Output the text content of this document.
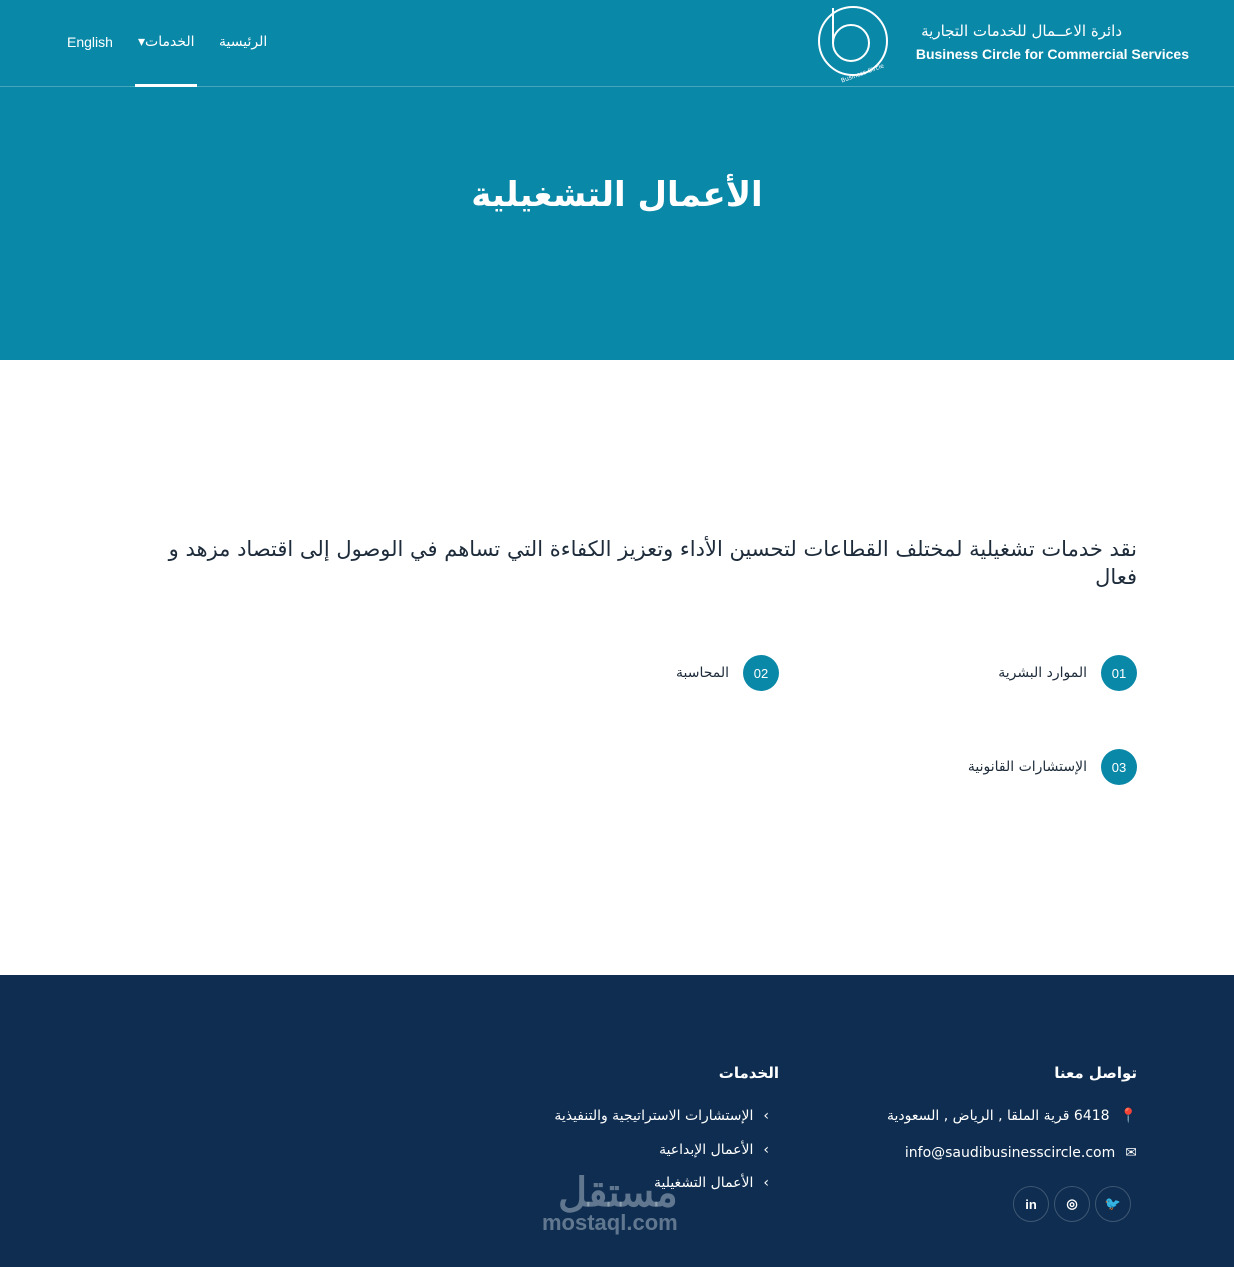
Business Circle
دائرة الاعــمال للخدمات التجارية
Business Circle for Commercial Services
الرئيسية
▾الخدمات
English
الأعمال التشغيلية
نقد خدمات تشغيلية لمختلف القطاعات لتحسين الأداء وتعزيز الكفاءة التي تساهم في الوصول إلى اقتصاد مزهد و فعال
01
الموارد البشرية
02
المحاسبة
03
الإستشارات القانونية
تواصل معنا
📍
6418 قرية الملقا , الرياض , السعودية
✉
info@saudibusinesscircle.com
🐦
◎
in
الخدمات
›
الإستشارات الاستراتيجية والتنفيذية
›
الأعمال الإبداعية
›
الأعمال التشغيلية
مستقل
mostaql.com
